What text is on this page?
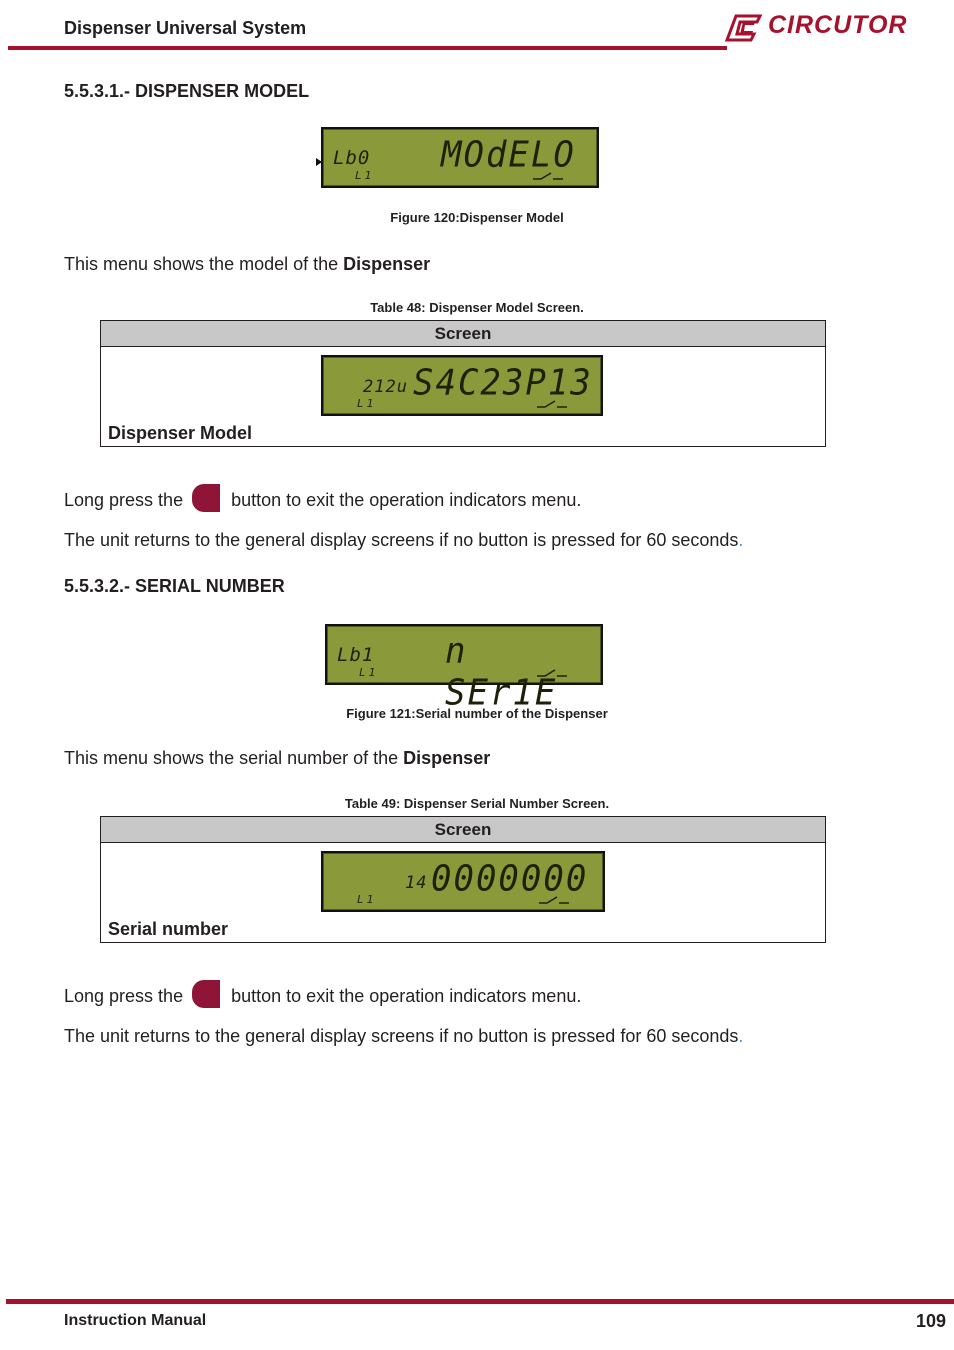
Dispenser Universal System	CIRCUTOR
5.5.3.1.- DISPENSER MODEL
Lb0 MOdELO
L1
Figure 120:Dispenser Model
This menu shows the model of the Dispenser
Table 48: Dispenser Model Screen.
Screen
212u S4C23P13
L1
Dispenser Model
Long press the	button to exit the operation indicators menu.
The unit returns to the general display screens if no button is pressed for 60 seconds.
5.5.3.2.- SERIAL NUMBER
Lb1 n SEr1E
L1
Figure 121:Serial number of the Dispenser
This menu shows the serial number of the Dispenser
Table 49: Dispenser Serial Number Screen.
Screen
14 0000000
L1
Serial number
Long press the	button to exit the operation indicators menu.
The unit returns to the general display screens if no button is pressed for 60 seconds.
Instruction Manual	109
